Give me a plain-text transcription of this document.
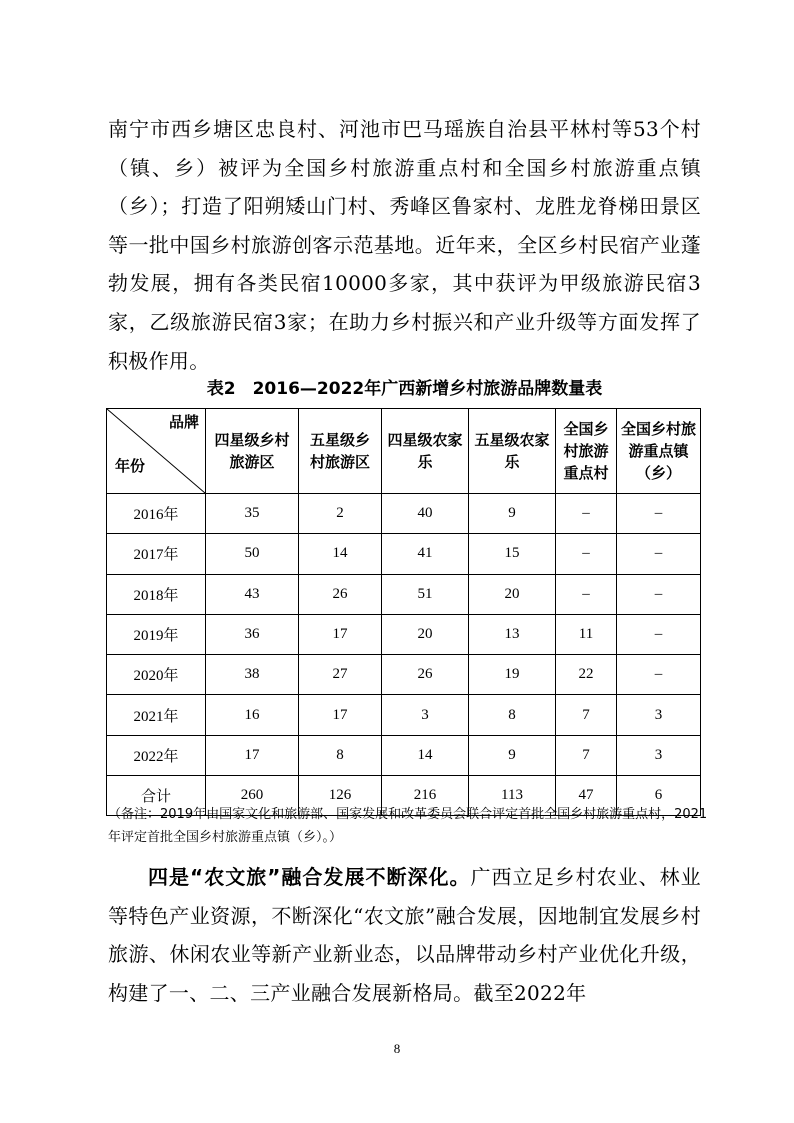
南宁市西乡塘区忠良村、河池市巴马瑶族自治县平林村等53个村（镇、乡）被评为全国乡村旅游重点村和全国乡村旅游重点镇（乡）；打造了阳朔矮山门村、秀峰区鲁家村、龙胜龙脊梯田景区等一批中国乡村旅游创客示范基地。近年来，全区乡村民宿产业蓬勃发展，拥有各类民宿10000多家，其中获评为甲级旅游民宿3家，乙级旅游民宿3家；在助力乡村振兴和产业升级等方面发挥了积极作用。

表2　2016—2022年广西新增乡村旅游品牌数量表
品牌
年份	四星级乡村旅游区	五星级乡村旅游区	四星级农家乐	五星级农家乐	全国乡村旅游重点村	全国乡村旅游重点镇（乡）
2016年	35	2	40	9	–	–
2017年	50	14	41	15	–	–
2018年	43	26	51	20	–	–
2019年	36	17	20	13	11	–
2020年	38	27	26	19	22	–
2021年	16	17	3	8	7	3
2022年	17	8	14	9	7	3
合计	260	126	216	113	47	6
（备注：2019年由国家文化和旅游部、国家发展和改革委员会联合评定首批全国乡村旅游重点村，2021年评定首批全国乡村旅游重点镇（乡）。）

四是“农文旅”融合发展不断深化。广西立足乡村农业、林业等特色产业资源，不断深化“农文旅”融合发展，因地制宜发展乡村旅游、休闲农业等新产业新业态，以品牌带动乡村产业优化升级，构建了一、二、三产业融合发展新格局。截至2022年

8
